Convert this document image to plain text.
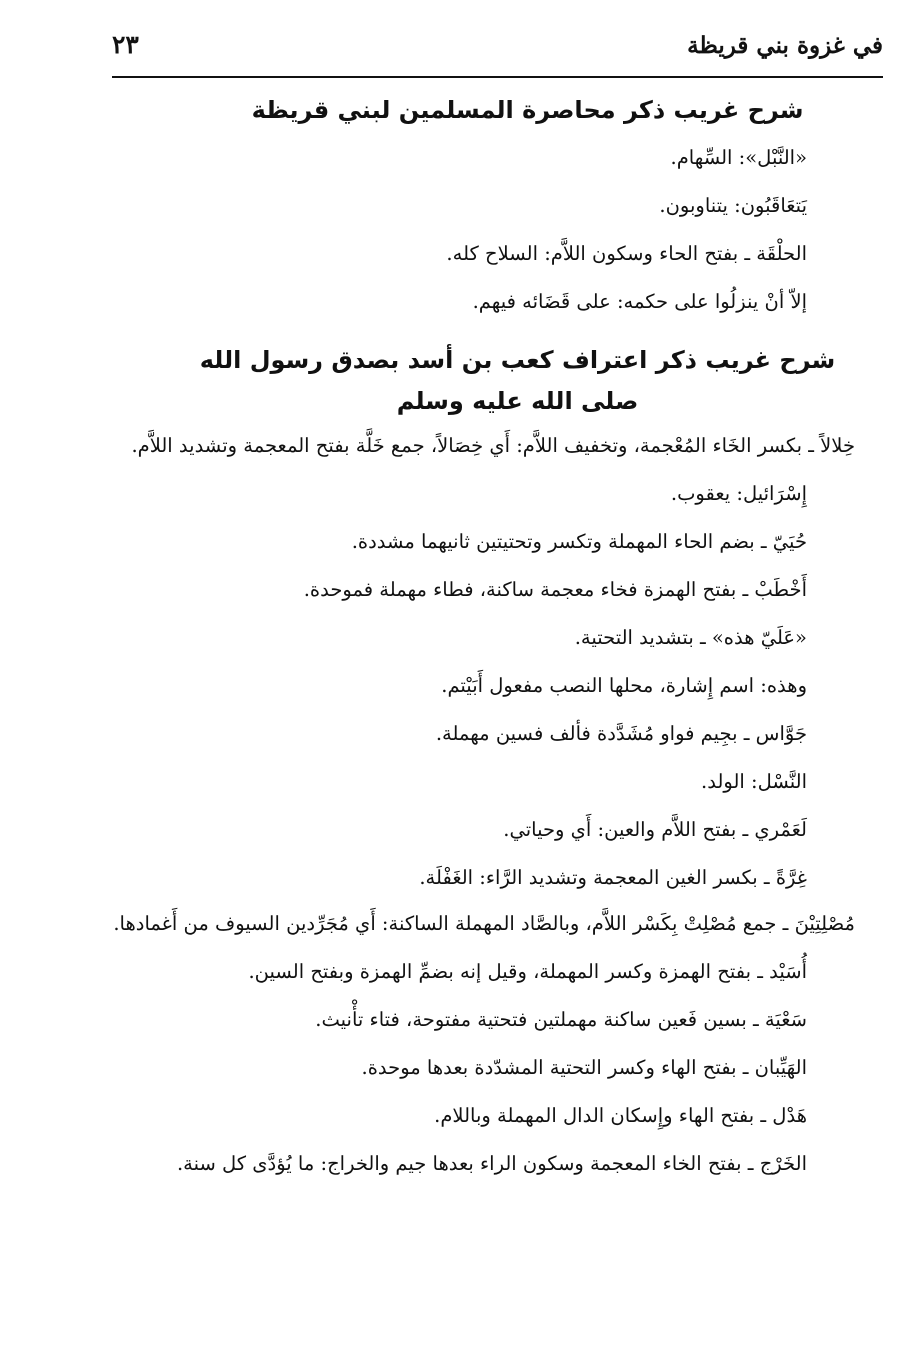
في غزوة بني قريظة
٢٣
شرح غريب ذكر محاصرة المسلمين لبني قريظة
«النَّبْل»: السِّهام.
يَتعَاقَبُون: يتناوبون.
الحلْقَة ـ بفتح الحاء وسكون اللاَّم: السلاح كله.
إلاّ أنْ ينزلُوا على حكمه: على قَضَائه فيهم.
شرح غريب ذكر اعتراف كعب بن أسد بصدق رسول الله
صلى الله عليه وسلم
خِلالاً ـ بكسر الخَاء المُعْجمة، وتخفيف اللاَّم: أَي خِصَالاً، جمع خَلَّة بفتح المعجمة وتشديد اللاَّم.
إِسْرَائيل: يعقوب.
حُيَيّ ـ بضم الحاء المهملة وتكسر وتحتيتين ثانيهما مشددة.
أَخْطَبْ ـ بفتح الهمزة فخاء معجمة ساكنة، فطاء مهملة فموحدة.
«عَلَيّ هذه» ـ بتشديد التحتية.
وهذه: اسم إِشارة، محلها النصب مفعول أَبَيْتم.
جَوَّاس ـ بجِيم فواو مُشَدَّدة فألف فسين مهملة.
النَّسْل: الولد.
لَعَمْري ـ بفتح اللاَّم والعين: أَي وحياتي.
غِرَّةً ـ بكسر الغين المعجمة وتشديد الرَّاء: الغَفْلَة.
مُصْلِتِيْنَ ـ جمع مُصْلِتْ بِكَسْر اللاَّم، وبالصَّاد المهملة الساكنة: أَي مُجَرِّدين السيوف من أَغمادها.
أُسَيْد ـ بفتح الهمزة وكسر المهملة، وقيل إنه بضمِّ الهمزة وبفتح السين.
سَعْيَة ـ بسين فَعين ساكنة مهملتين فتحتية مفتوحة، فتاء تأْنيث.
الهَيِّبان ـ بفتح الهاء وكسر التحتية المشدّدة بعدها موحدة.
هَدْل ـ بفتح الهاء وإِسكان الدال المهملة وباللام.
الخَرْج ـ بفتح الخاء المعجمة وسكون الراء بعدها جيم والخراج: ما يُؤدَّى كل سنة.
